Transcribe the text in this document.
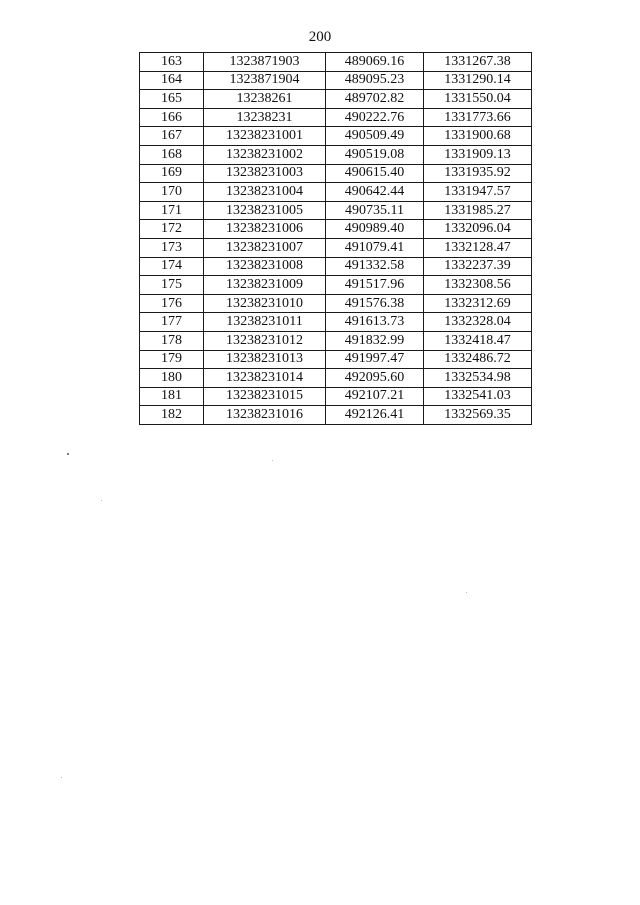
200
163	1323871903	489069.16	1331267.38
164	1323871904	489095.23	1331290.14
165	13238261	489702.82	1331550.04
166	13238231	490222.76	1331773.66
167	13238231001	490509.49	1331900.68
168	13238231002	490519.08	1331909.13
169	13238231003	490615.40	1331935.92
170	13238231004	490642.44	1331947.57
171	13238231005	490735.11	1331985.27
172	13238231006	490989.40	1332096.04
173	13238231007	491079.41	1332128.47
174	13238231008	491332.58	1332237.39
175	13238231009	491517.96	1332308.56
176	13238231010	491576.38	1332312.69
177	13238231011	491613.73	1332328.04
178	13238231012	491832.99	1332418.47
179	13238231013	491997.47	1332486.72
180	13238231014	492095.60	1332534.98
181	13238231015	492107.21	1332541.03
182	13238231016	492126.41	1332569.35
